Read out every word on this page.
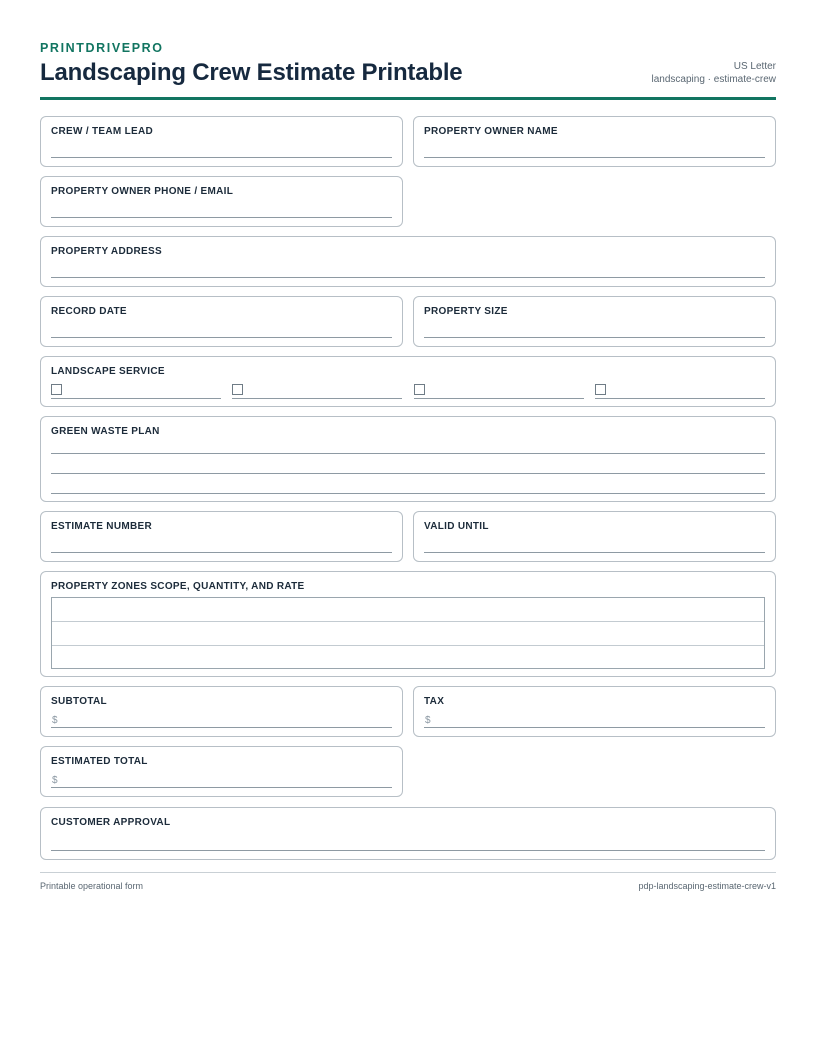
PRINTDRIVEPRO
Landscaping Crew Estimate Printable	US Letter
landscaping · estimate-crew
CREW / TEAM LEAD	PROPERTY OWNER NAME
PROPERTY OWNER PHONE / EMAIL
PROPERTY ADDRESS
RECORD DATE	PROPERTY SIZE
LANDSCAPE SERVICE
GREEN WASTE PLAN
ESTIMATE NUMBER	VALID UNTIL
PROPERTY ZONES SCOPE, QUANTITY, AND RATE
SUBTOTAL
$
TAX
$
ESTIMATED TOTAL
$
CUSTOMER APPROVAL
Printable operational form	pdp-landscaping-estimate-crew-v1
